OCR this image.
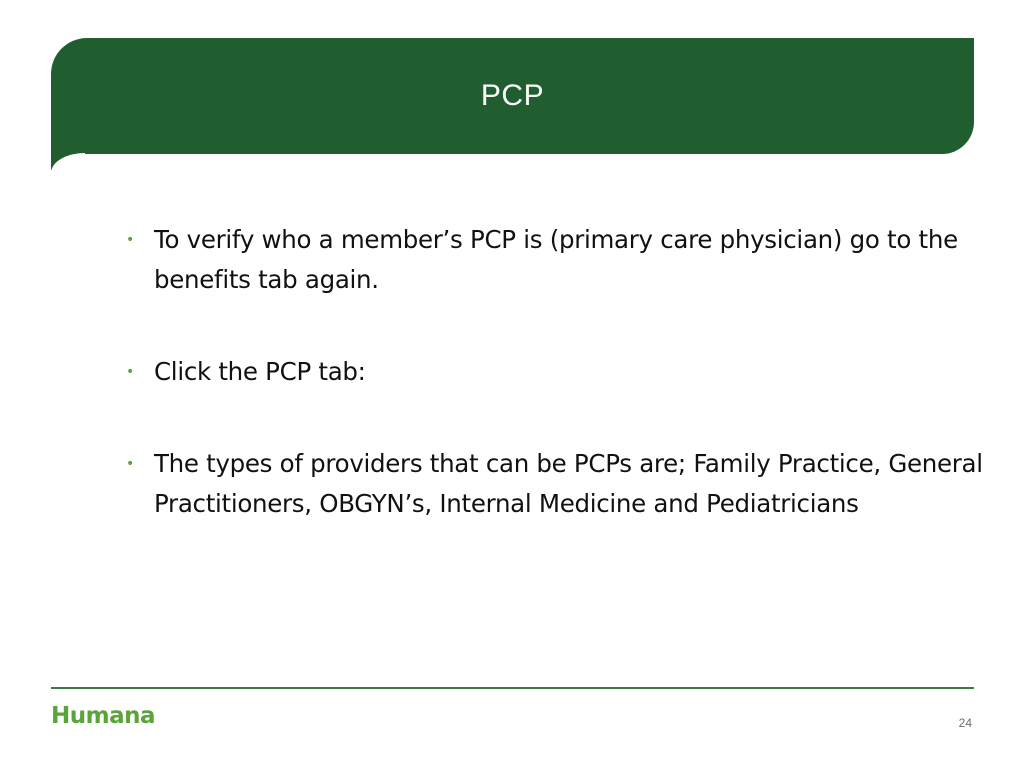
PCP
• To verify who a member’s PCP is (primary care physician) go to the benefits tab again.
• Click the PCP tab:
• The types of providers that can be PCPs are; Family Practice, General Practitioners, OBGYN’s, Internal Medicine and Pediatricians
Humana	24
